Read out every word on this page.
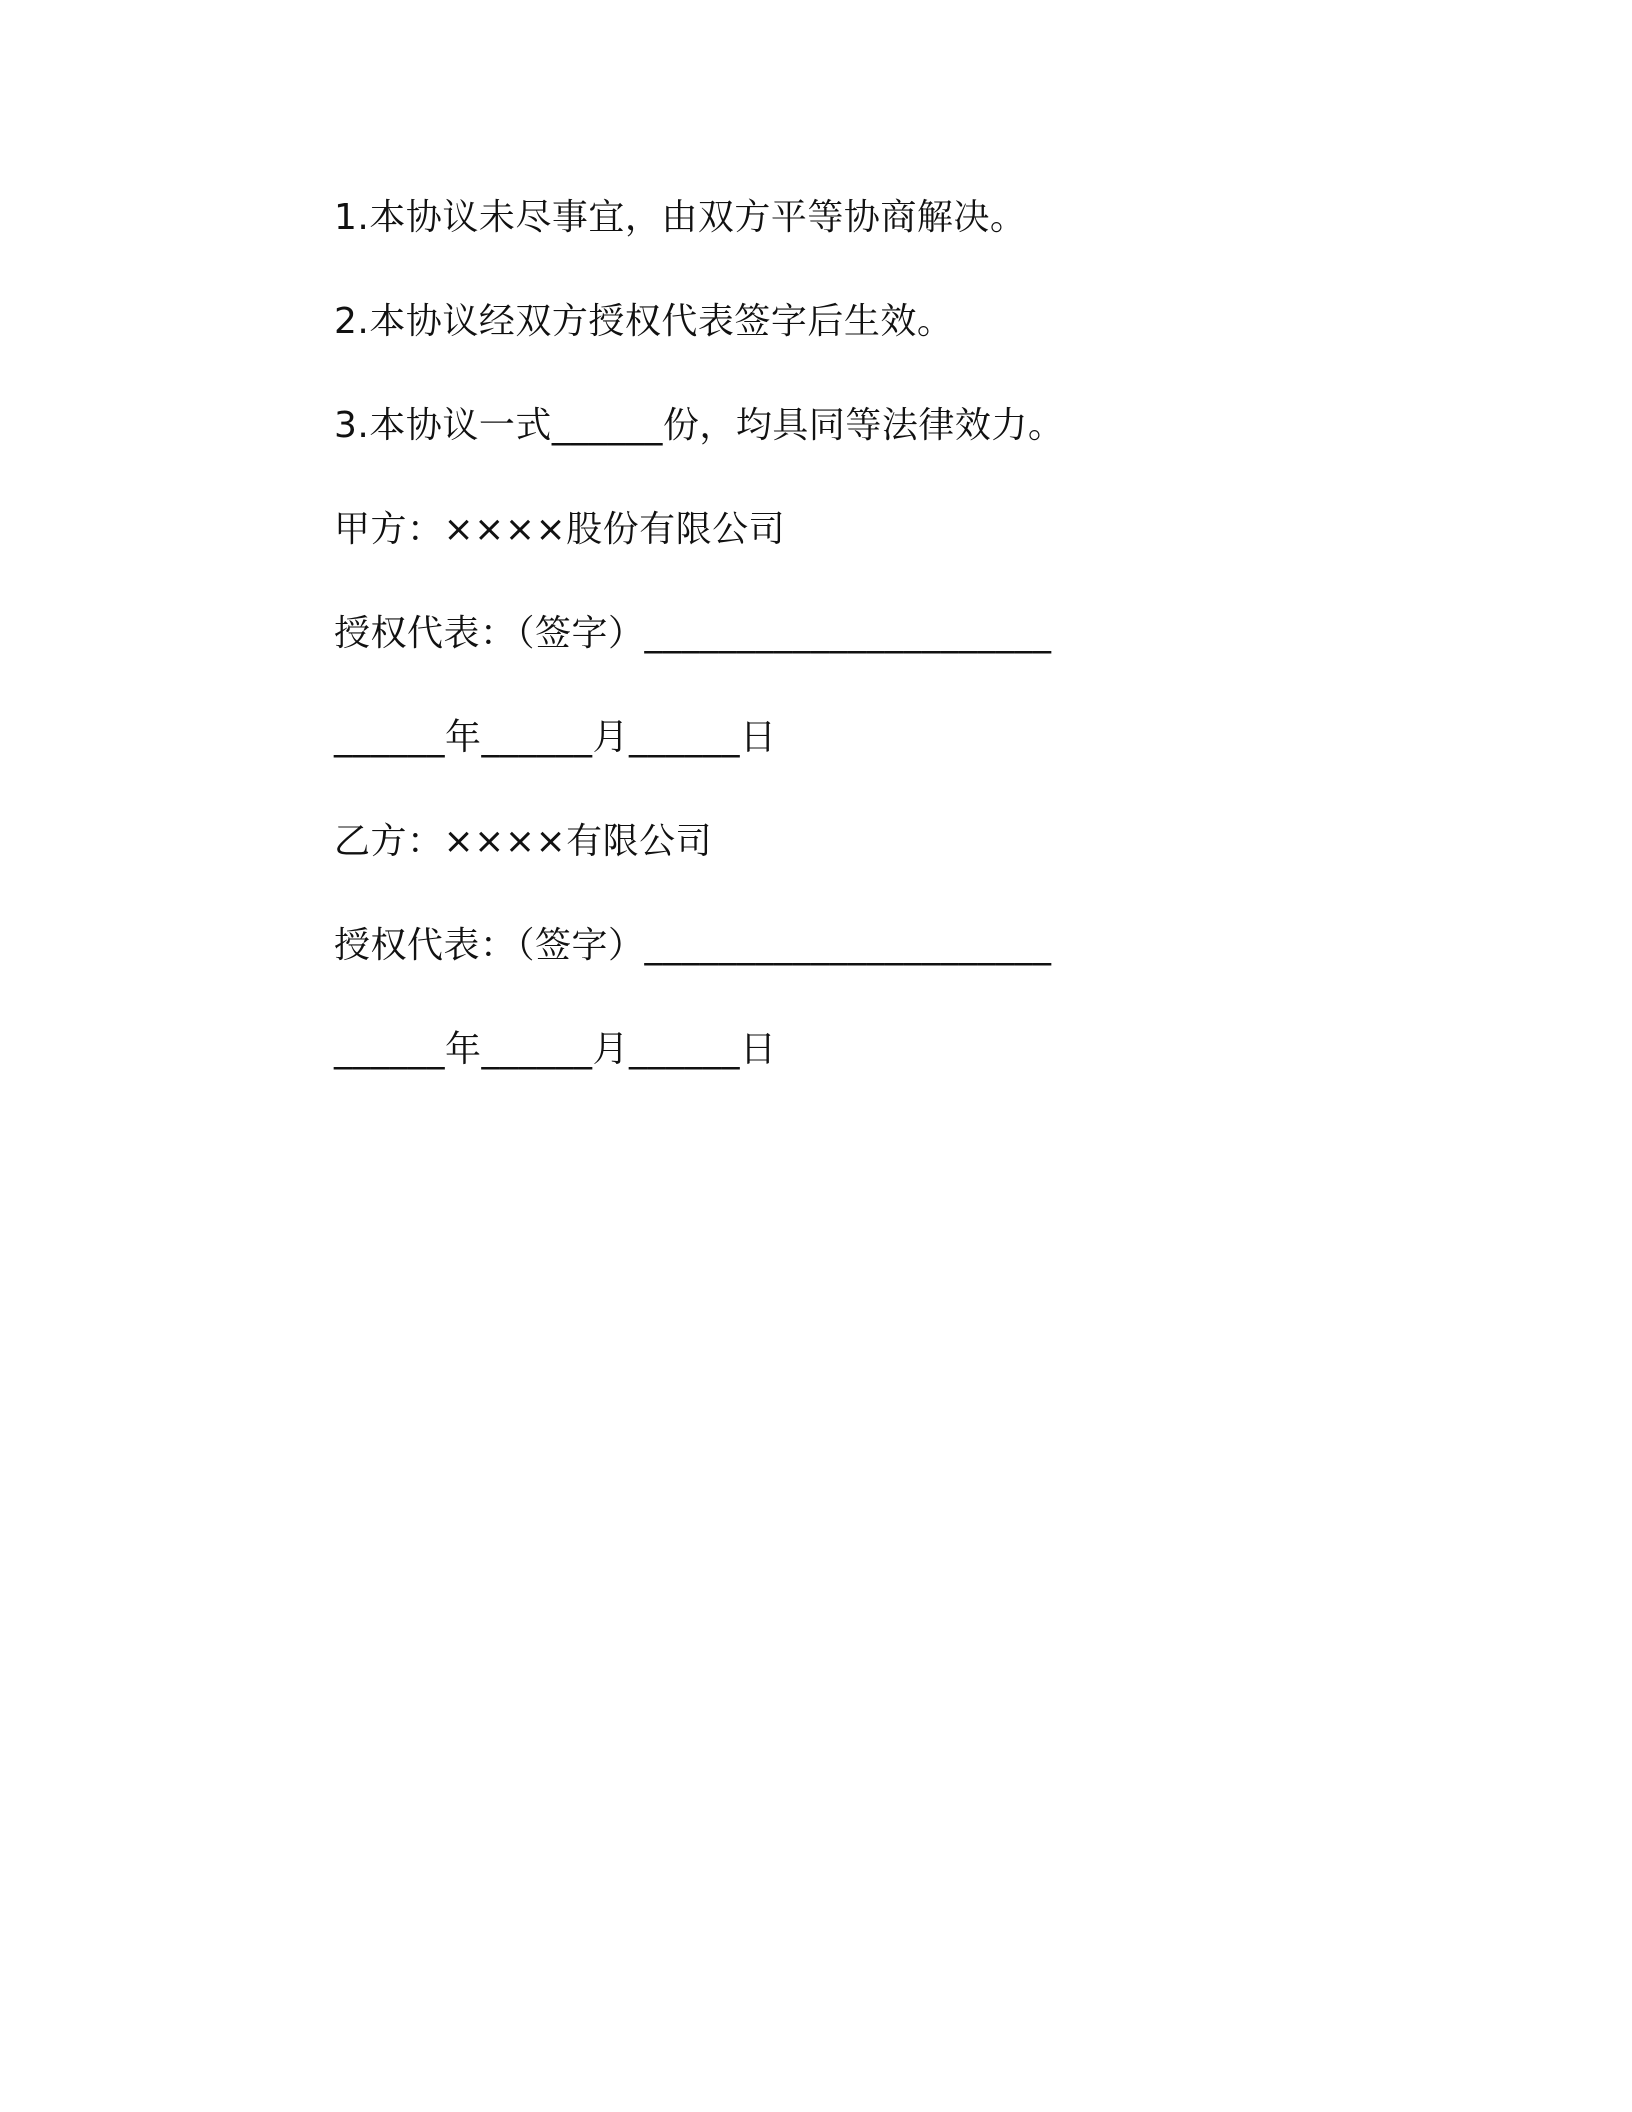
1.本协议未尽事宜，由双方平等协商解决。
2.本协议经双方授权代表签字后生效。
3.本协议一式______份，均具同等法律效力。
甲方：××××股份有限公司
授权代表：（签字）______________________
______年______月______日
乙方：××××有限公司
授权代表：（签字）______________________
______年______月______日
